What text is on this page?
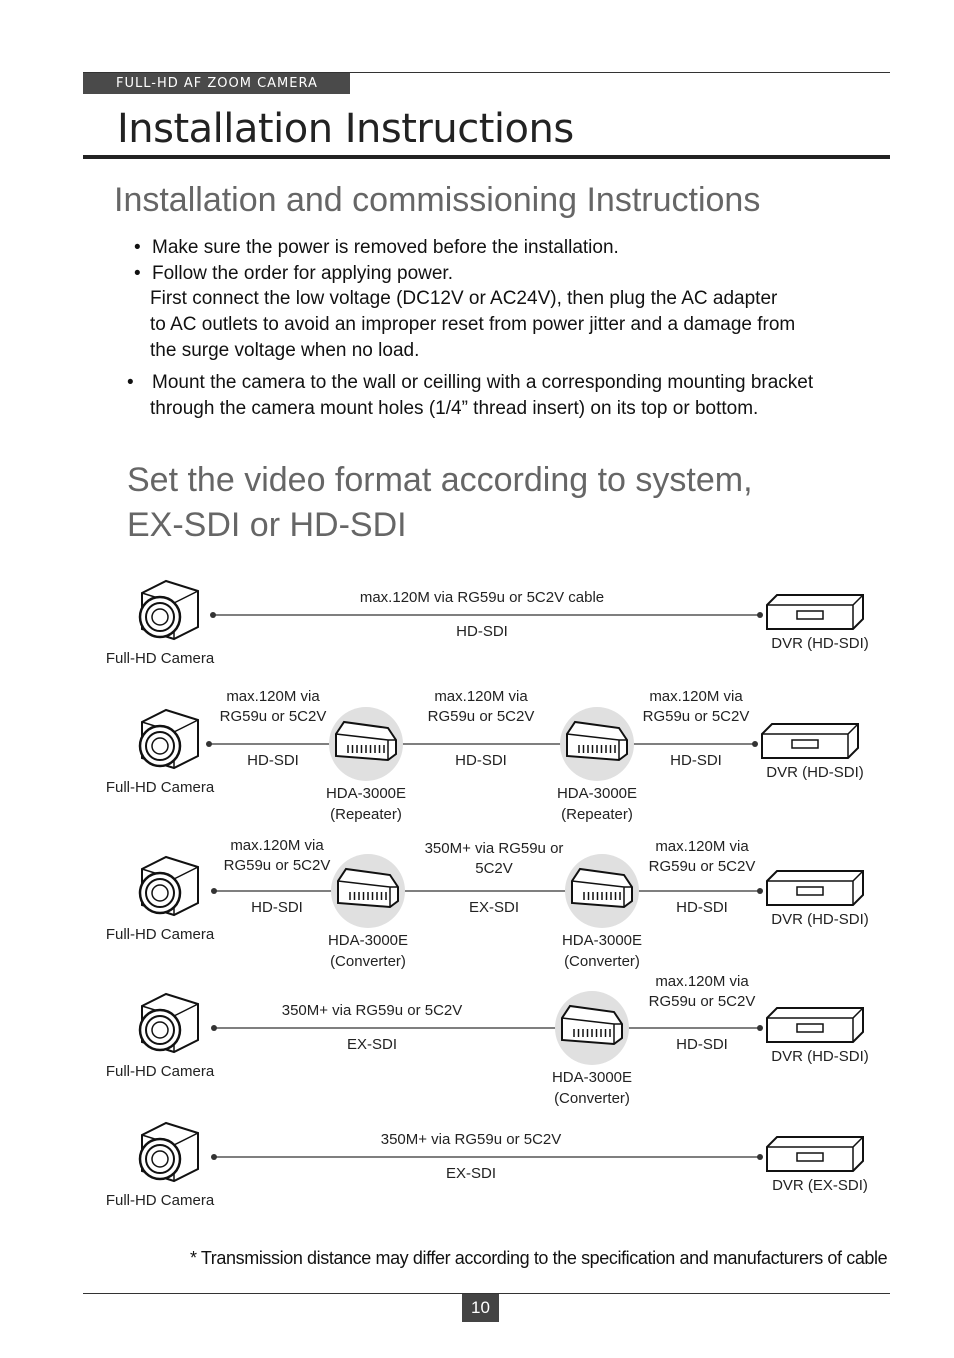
FULL-HD AF ZOOM CAMERA
Installation Instructions
Installation and commissioning Instructions
• Make sure the power is removed before the installation.
• Follow the order for applying power.
First connect the low voltage (DC12V or AC24V), then plug the AC adapter
to AC outlets to avoid an improper reset from power jitter and a damage from
the surge voltage when no load.
• Mount the camera to the wall or ceilling with a corresponding mounting bracket
through the camera mount holes (1/4” thread insert) on its top or bottom.
Set the video format according to system,
EX-SDI or HD-SDI
Full-HD Camera
DVR (HD-SDI)
max.120M via RG59u or 5C2V cable
HD-SDI
Full-HD Camera
DVR (HD-SDI)
HDA-3000E
(Repeater)
HDA-3000E
(Repeater)
max.120M via
RG59u or 5C2V
HD-SDI
max.120M via
RG59u or 5C2V
HD-SDI
max.120M via
RG59u or 5C2V
HD-SDI
Full-HD Camera
DVR (HD-SDI)
HDA-3000E
(Converter)
HDA-3000E
(Converter)
max.120M via
RG59u or 5C2V
HD-SDI
350M+ via RG59u or
5C2V
EX-SDI
max.120M via
RG59u or 5C2V
HD-SDI
Full-HD Camera
DVR (HD-SDI)
HDA-3000E
(Converter)
350M+ via RG59u or 5C2V
EX-SDI
max.120M via
RG59u or 5C2V
HD-SDI
Full-HD Camera
DVR (EX-SDI)
350M+ via RG59u or 5C2V
EX-SDI
* Transmission distance may differ according to the specification and manufacturers of cable
10
